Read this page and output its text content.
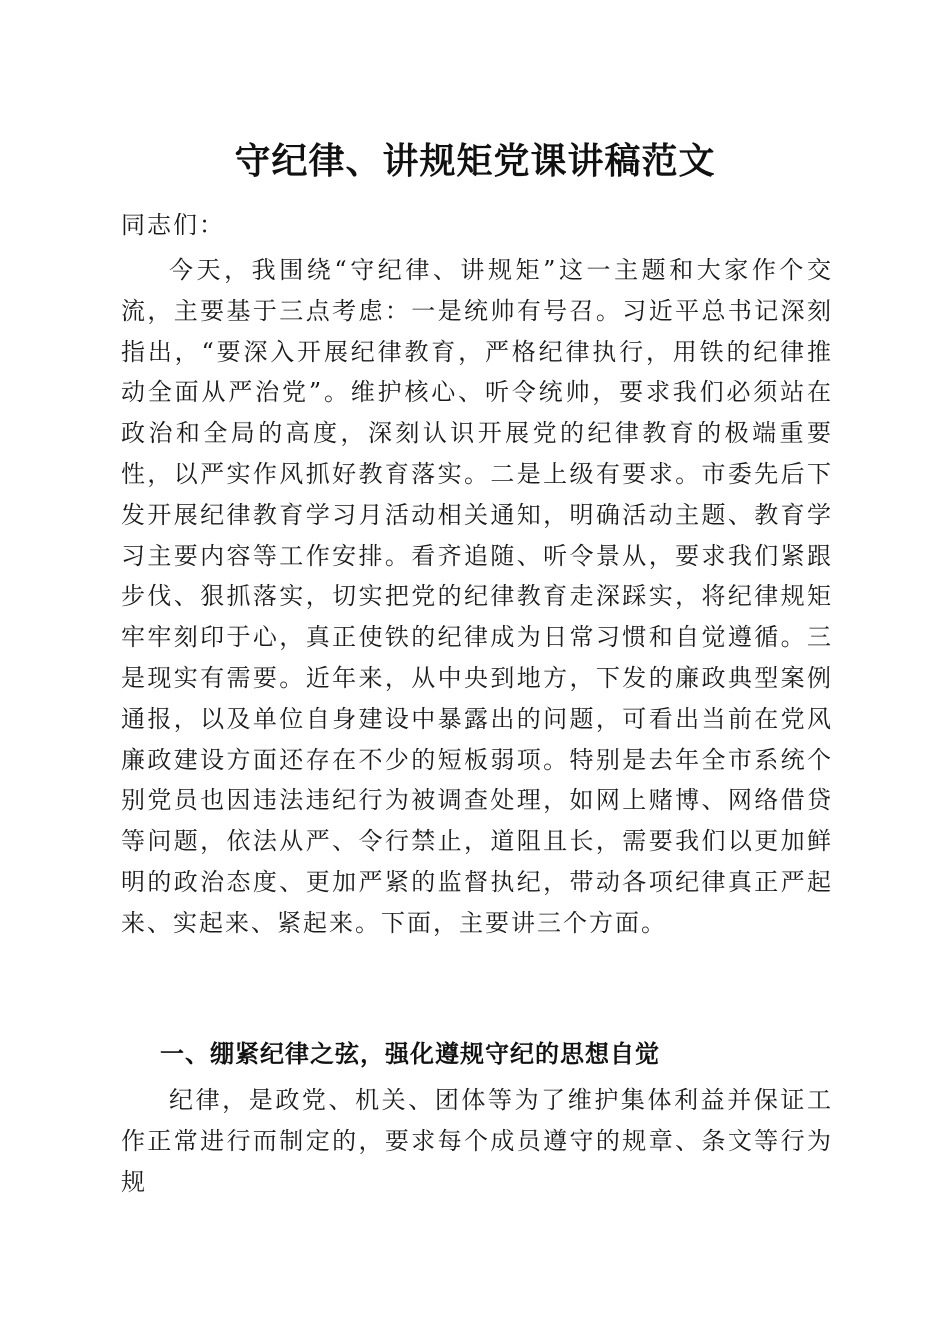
守纪律、讲规矩党课讲稿范文
同志们：
今天，我围绕“守纪律、讲规矩”这一主题和大家作个交流，主要基于三点考虑：一是统帅有号召。习近平总书记深刻指出，“要深入开展纪律教育，严格纪律执行，用铁的纪律推动全面从严治党”。维护核心、听令统帅，要求我们必须站在政治和全局的高度，深刻认识开展党的纪律教育的极端重要性，以严实作风抓好教育落实。二是上级有要求。市委先后下发开展纪律教育学习月活动相关通知，明确活动主题、教育学习主要内容等工作安排。看齐追随、听令景从，要求我们紧跟步伐、狠抓落实，切实把党的纪律教育走深踩实，将纪律规矩牢牢刻印于心，真正使铁的纪律成为日常习惯和自觉遵循。三是现实有需要。近年来，从中央到地方，下发的廉政典型案例通报，以及单位自身建设中暴露出的问题，可看出当前在党风廉政建设方面还存在不少的短板弱项。特别是去年全市系统个别党员也因违法违纪行为被调查处理，如网上赌博、网络借贷等问题，依法从严、令行禁止，道阻且长，需要我们以更加鲜明的政治态度、更加严紧的监督执纪，带动各项纪律真正严起来、实起来、紧起来。下面，主要讲三个方面。
一、绷紧纪律之弦，强化遵规守纪的思想自觉
纪律，是政党、机关、团体等为了维护集体利益并保证工作正常进行而制定的，要求每个成员遵守的规章、条文等行为规
